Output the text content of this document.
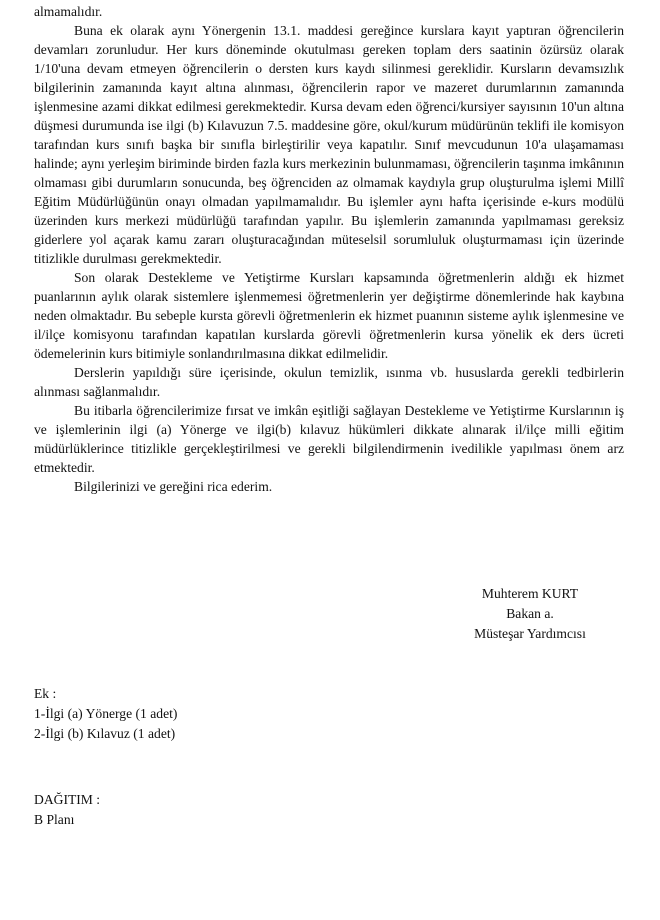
almamalıdır.

Buna ek olarak aynı Yönergenin 13.1. maddesi gereğince kurslara kayıt yaptıran öğrencilerin devamları zorunludur. Her kurs döneminde okutulması gereken toplam ders saatinin özürsüz olarak 1/10'una devam etmeyen öğrencilerin o dersten kurs kaydı silinmesi gereklidir. Kursların devamsızlık bilgilerinin zamanında kayıt altına alınması, öğrencilerin rapor ve mazeret durumlarının zamanında işlenmesine azami dikkat edilmesi gerekmektedir. Kursa devam eden öğrenci/kursiyer sayısının 10'un altına düşmesi durumunda ise ilgi (b) Kılavuzun 7.5. maddesine göre, okul/kurum müdürünün teklifi ile komisyon tarafından kurs sınıfı başka bir sınıfla birleştirilir veya kapatılır. Sınıf mevcudunun 10'a ulaşamaması halinde; aynı yerleşim biriminde birden fazla kurs merkezinin bulunmaması, öğrencilerin taşınma imkânının olmaması gibi durumların sonucunda, beş öğrenciden az olmamak kaydıyla grup oluşturulma işlemi Millî Eğitim Müdürlüğünün onayı olmadan yapılmamalıdır. Bu işlemler aynı hafta içerisinde e-kurs modülü üzerinden kurs merkezi müdürlüğü tarafından yapılır. Bu işlemlerin zamanında yapılmaması gereksiz giderlere yol açarak kamu zararı oluşturacağından müteselsil sorumluluk oluşturmaması için üzerinde titizlikle durulması gerekmektedir.

Son olarak Destekleme ve Yetiştirme Kursları kapsamında öğretmenlerin aldığı ek hizmet puanlarının aylık olarak sistemlere işlenmemesi öğretmenlerin yer değiştirme dönemlerinde hak kaybına neden olmaktadır. Bu sebeple kursta görevli öğretmenlerin ek hizmet puanının sisteme aylık işlenmesine ve il/ilçe komisyonu tarafından kapatılan kurslarda görevli öğretmenlerin kursa yönelik ek ders ücreti ödemelerinin kurs bitimiyle sonlandırılmasına dikkat edilmelidir.

Derslerin yapıldığı süre içerisinde, okulun temizlik, ısınma vb. hususlarda gerekli tedbirlerin alınması sağlanmalıdır.

Bu itibarla öğrencilerimize fırsat ve imkân eşitliği sağlayan Destekleme ve Yetiştirme Kurslarının iş ve işlemlerinin ilgi (a) Yönerge ve ilgi(b) kılavuz hükümleri dikkate alınarak il/ilçe milli eğitim müdürlüklerince titizlikle gerçekleştirilmesi ve gerekli bilgilendirmenin ivedilikle yapılması önem arz etmektedir.

Bilgilerinizi ve gereğini rica ederim.

Muhterem KURT
Bakan a.
Müsteşar Yardımcısı
Ek :
1-İlgi (a) Yönerge (1 adet)
2-İlgi (b) Kılavuz (1 adet)
DAĞITIM :
B Planı
